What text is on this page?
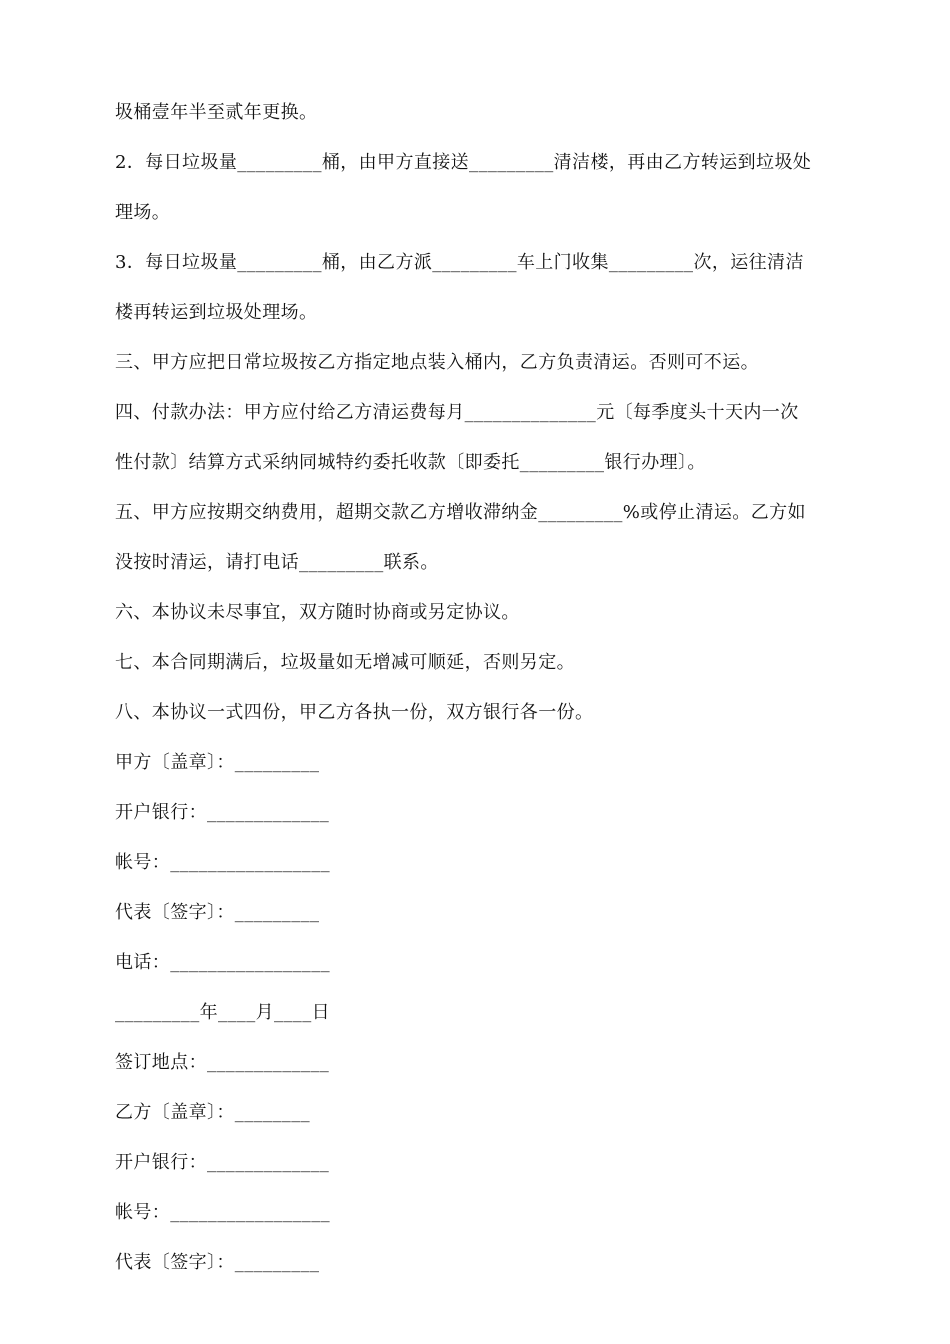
圾桶壹年半至贰年更换。
2．每日垃圾量_________桶，由甲方直接送_________清洁楼，再由乙方转运到垃圾处
理场。
3．每日垃圾量_________桶，由乙方派_________车上门收集_________次，运往清洁
楼再转运到垃圾处理场。
三、甲方应把日常垃圾按乙方指定地点装入桶内，乙方负责清运。否则可不运。
四、付款办法：甲方应付给乙方清运费每月______________元〔每季度头十天内一次
性付款〕结算方式采纳同城特约委托收款〔即委托_________银行办理〕。
五、甲方应按期交纳费用，超期交款乙方增收滞纳金_________%或停止清运。乙方如
没按时清运，请打电话_________联系。
六、本协议未尽事宜，双方随时协商或另定协议。
七、本合同期满后，垃圾量如无增减可顺延，否则另定。
八、本协议一式四份，甲乙方各执一份，双方银行各一份。
甲方〔盖章〕：_________
开户银行：_____________
帐号：_________________
代表〔签字〕：_________
电话：_________________
_________年____月____日
签订地点：_____________
乙方〔盖章〕：________
开户银行：_____________
帐号：_________________
代表〔签字〕：_________
